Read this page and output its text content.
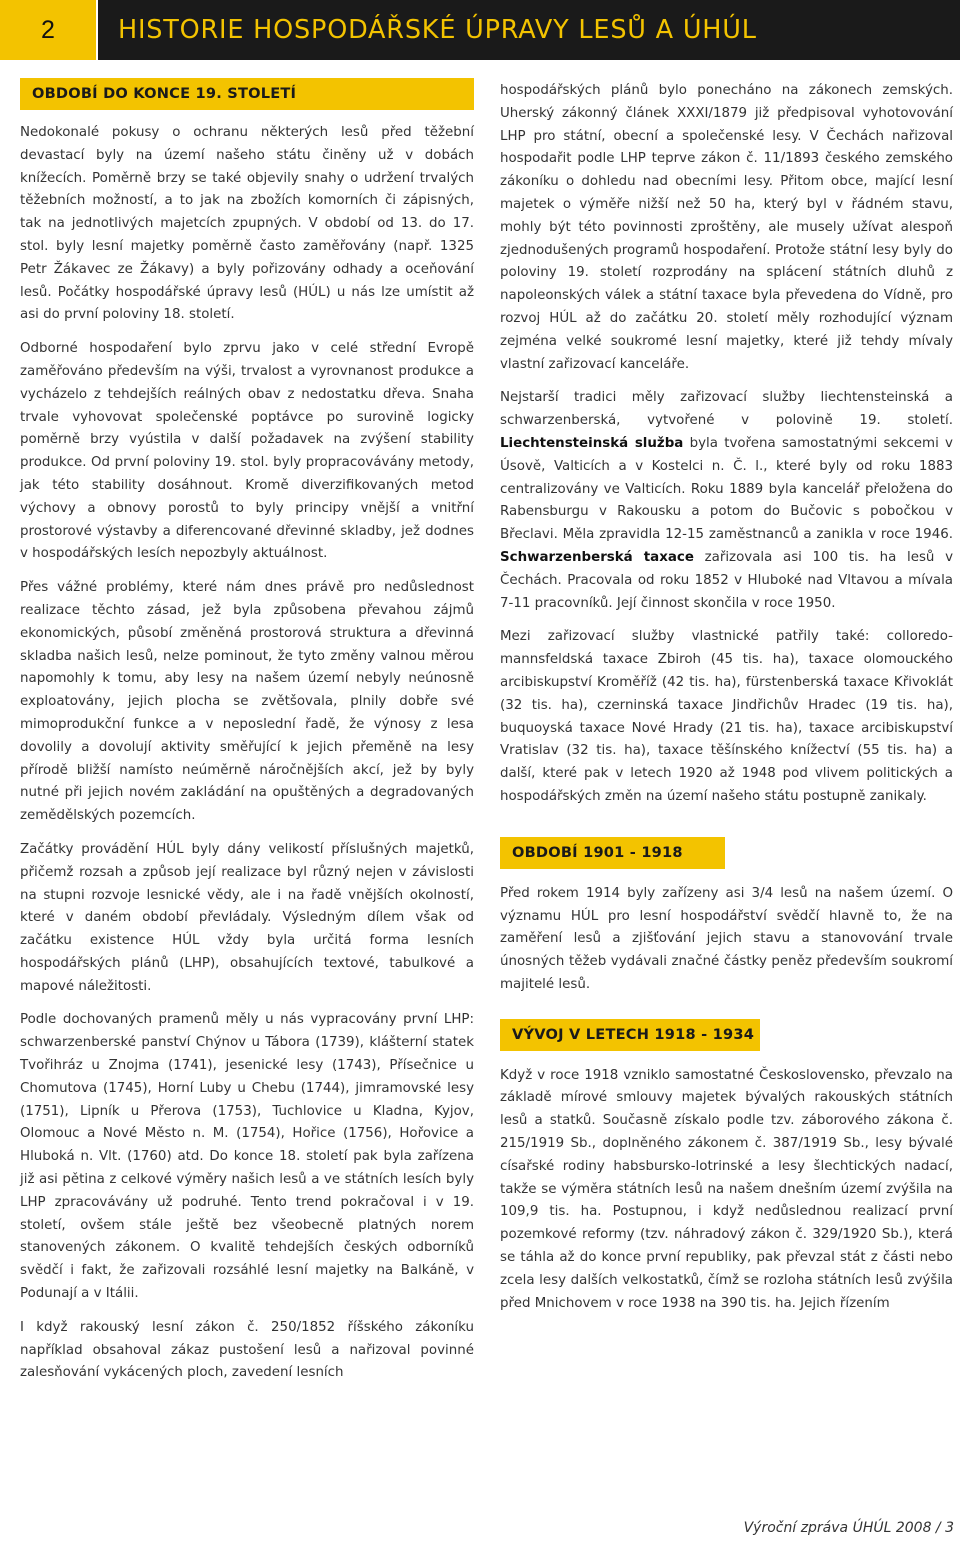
2	HISTORIE HOSPODÁŘSKÉ ÚPRAVY LESŮ A ÚHÚL
OBDOBÍ DO KONCE 19. STOLETÍ

Nedokonalé pokusy o ochranu některých lesů před těžební devastací byly na území našeho státu činěny už v dobách knížecích. Poměrně brzy se také objevily snahy o udržení trvalých těžebních možností, a to jak na zbožích komorních či zápisných, tak na jednotlivých majetcích zpupných. V období od 13. do 17. stol. byly lesní majetky poměrně často zaměřovány (např. 1325 Petr Žákavec ze Žákavy) a byly pořizovány odhady a oceňování lesů. Počátky hospodářské úpravy lesů (HÚL) u nás lze umístit až asi do první poloviny 18. století.

Odborné hospodaření bylo zprvu jako v celé střední Evropě zaměřováno především na výši, trvalost a vyrovnanost produkce a vycházelo z tehdejších reálných obav z nedostatku dřeva. Snaha trvale vyhovovat společenské poptávce po surovině logicky poměrně brzy vyústila v další požadavek na zvýšení stability produkce. Od první poloviny 19. stol. byly propracovávány metody, jak této stability dosáhnout. Kromě diverzifikovaných metod výchovy a obnovy porostů to byly principy vnější a vnitřní prostorové výstavby a diferencované dřevinné skladby, jež dodnes v hospodářských lesích nepozbyly aktuálnost.

Přes vážné problémy, které nám dnes právě pro nedůslednost realizace těchto zásad, jež byla způsobena převahou zájmů ekonomických, působí změněná prostorová struktura a dřevinná skladba našich lesů, nelze pominout, že tyto změny valnou měrou napomohly k tomu, aby lesy na našem území nebyly neúnosně exploatovány, jejich plocha se zvětšovala, plnily dobře své mimoprodukční funkce a v neposlední řadě, že výnosy z lesa dovolily a dovolují aktivity směřující k jejich přeměně na lesy přírodě bližší namísto neúměrně náročnějších akcí, jež by byly nutné při jejich novém zakládání na opuštěných a degradovaných zemědělských pozemcích.

Začátky provádění HÚL byly dány velikostí příslušných majetků, přičemž rozsah a způsob její realizace byl různý nejen v závislosti na stupni rozvoje lesnické vědy, ale i na řadě vnějších okolností, které v daném období převládaly. Výsledným dílem však od začátku existence HÚL vždy byla určitá forma lesních hospodářských plánů (LHP), obsahujících textové, tabulkové a mapové náležitosti.

Podle dochovaných pramenů měly u nás vypracovány první LHP: schwarzenberské panství Chýnov u Tábora (1739), klášterní statek Tvořihráz u Znojma (1741), jesenické lesy (1743), Přísečnice u Chomutova (1745), Horní Luby u Chebu (1744), jimramovské lesy (1751), Lipník u Přerova (1753), Tuchlovice u Kladna, Kyjov, Olomouc a Nové Město n. M. (1754), Hořice (1756), Hořovice a Hluboká n. Vlt. (1760) atd. Do konce 18. století pak byla zařízena již asi pětina z celkové výměry našich lesů a ve státních lesích byly LHP zpracovávány už podruhé. Tento trend pokračoval i v 19. století, ovšem stále ještě bez všeobecně platných norem stanovených zákonem. O kvalitě tehdejších českých odborníků svědčí i fakt, že zařizovali rozsáhlé lesní majetky na Balkáně, v Podunají a v Itálii.

I když rakouský lesní zákon č. 250/1852 říšského zákoníku například obsahoval zákaz pustošení lesů a nařizoval povinné zalesňování vykácených ploch, zavedení lesních

hospodářských plánů bylo ponecháno na zákonech zemských. Uherský zákonný článek XXXI/1879 již předpisoval vyhotovování LHP pro státní, obecní a společenské lesy. V Čechách nařizoval hospodařit podle LHP teprve zákon č. 11/1893 českého zemského zákoníku o dohledu nad obecními lesy. Přitom obce, mající lesní majetek o výměře nižší než 50 ha, který byl v řádném stavu, mohly být této povinnosti zproštěny, ale musely užívat alespoň zjednodušených programů hospodaření. Protože státní lesy byly do poloviny 19. století rozprodány na splácení státních dluhů z napoleonských válek a státní taxace byla převedena do Vídně, pro rozvoj HÚL až do začátku 20. století měly rozhodující význam zejména velké soukromé lesní majetky, které již tehdy mívaly vlastní zařizovací kanceláře.

Nejstarší tradici měly zařizovací služby liechtensteinská a schwarzenberská, vytvořené v polovině 19. století. Liechtensteinská služba byla tvořena samostatnými sekcemi v Úsově, Valticích a v Kostelci n. Č. l., které byly od roku 1883 centralizovány ve Valticích. Roku 1889 byla kancelář přeložena do Rabensburgu v Rakousku a potom do Bučovic s pobočkou v Břeclavi. Měla zpravidla 12-15 zaměstnanců a zanikla v roce 1946. Schwarzenberská taxace zařizovala asi 100 tis. ha lesů v Čechách. Pracovala od roku 1852 v Hluboké nad Vltavou a mívala 7-11 pracovníků. Její činnost skončila v roce 1950.

Mezi zařizovací služby vlastnické patřily také: colloredo-mannsfeldská taxace Zbiroh (45 tis. ha), taxace olomouckého arcibiskupství Kroměříž (42 tis. ha), fürstenberská taxace Křivoklát (32 tis. ha), czerninská taxace Jindřichův Hradec (19 tis. ha), buquoyská taxace Nové Hrady (21 tis. ha), taxace arcibiskupství Vratislav (32 tis. ha), taxace těšínského knížectví (55 tis. ha) a další, které pak v letech 1920 až 1948 pod vlivem politických a hospodářských změn na území našeho státu postupně zanikaly.

OBDOBÍ 1901 - 1918

Před rokem 1914 byly zařízeny asi 3/4 lesů na našem území. O významu HÚL pro lesní hospodářství svědčí hlavně to, že na zaměření lesů a zjišťování jejich stavu a stanovování trvale únosných těžeb vydávali značné částky peněz především soukromí majitelé lesů.

VÝVOJ V LETECH 1918 - 1934

Když v roce 1918 vzniklo samostatné Československo, převzalo na základě mírové smlouvy majetek bývalých rakouských státních lesů a statků. Současně získalo podle tzv. záborového zákona č. 215/1919 Sb., doplněného zákonem č. 387/1919 Sb., lesy bývalé císařské rodiny habsbursko-lotrinské a lesy šlechtických nadací, takže se výměra státních lesů na našem dnešním území zvýšila na 109,9 tis. ha. Postupnou, i když nedůslednou realizací první pozemkové reformy (tzv. náhradový zákon č. 329/1920 Sb.), která se táhla až do konce první republiky, pak převzal stát z části nebo zcela lesy dalších velkostatků, čímž se rozloha státních lesů zvýšila před Mnichovem v roce 1938 na 390 tis. ha. Jejich řízením

Výroční zpráva ÚHÚL 2008 / 3
